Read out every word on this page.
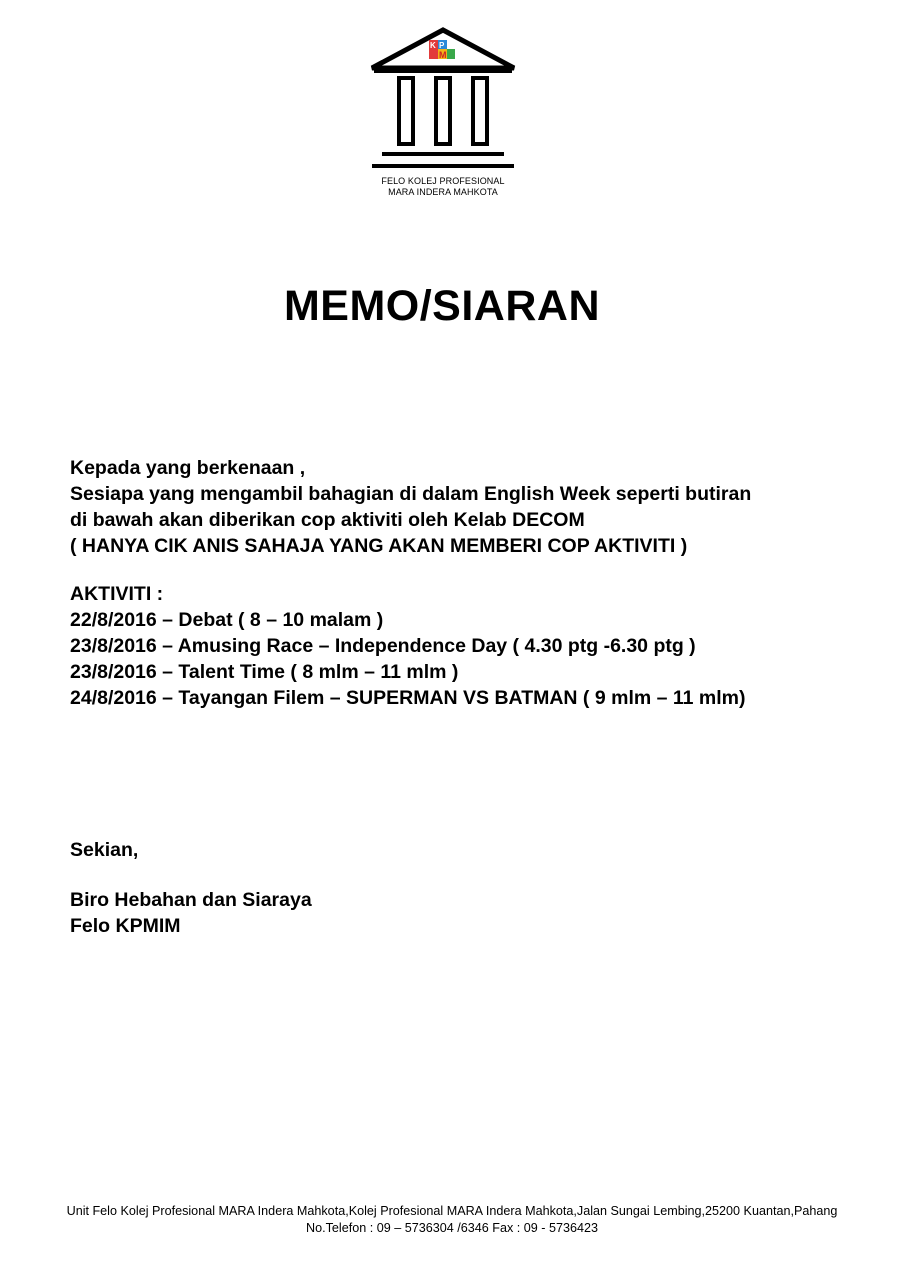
K P
M
FELO KOLEJ PROFESIONAL
MARA INDERA MAHKOTA
MEMO/SIARAN
Kepada yang berkenaan ,
Sesiapa yang mengambil bahagian di dalam English Week seperti butiran
di bawah akan diberikan cop aktiviti oleh Kelab DECOM
( HANYA CIK ANIS SAHAJA YANG AKAN MEMBERI COP AKTIVITI )
AKTIVITI :
22/8/2016 – Debat ( 8 – 10 malam )
23/8/2016 – Amusing Race – Independence Day ( 4.30 ptg -6.30 ptg )
23/8/2016 – Talent Time ( 8 mlm – 11 mlm )
24/8/2016 – Tayangan Filem – SUPERMAN VS BATMAN ( 9 mlm – 11 mlm)
Sekian,
Biro Hebahan dan Siaraya
Felo KPMIM
Unit Felo Kolej Profesional MARA Indera Mahkota,Kolej Profesional MARA Indera Mahkota,Jalan Sungai Lembing,25200 Kuantan,Pahang
No.Telefon : 09 – 5736304 /6346 Fax : 09 - 5736423
